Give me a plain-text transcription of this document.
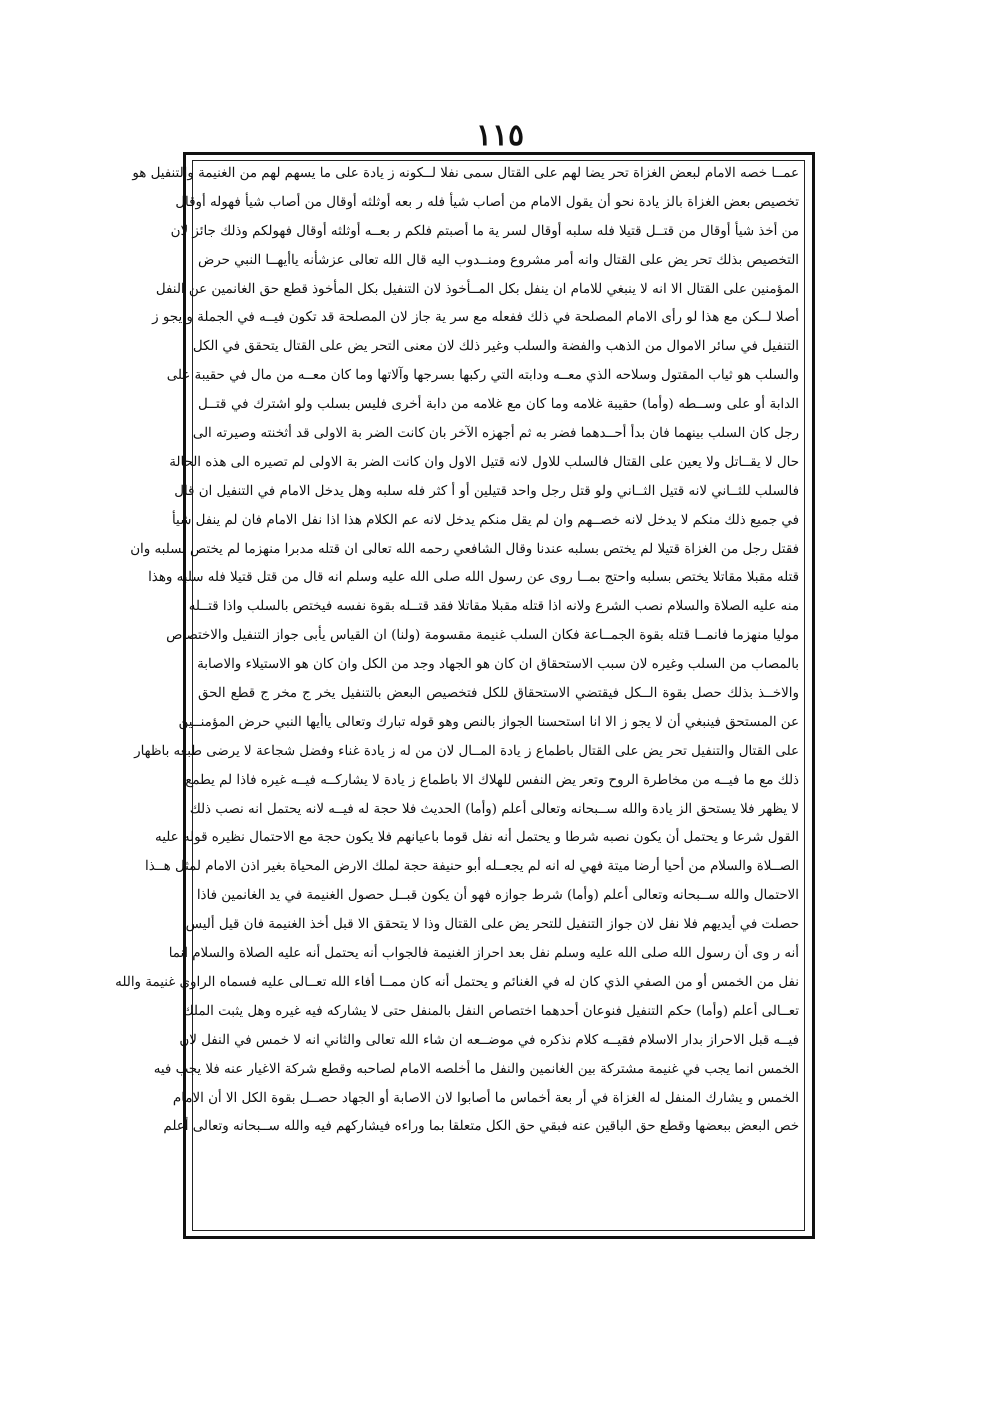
١١٥
عمــا خصه الامام لبعض الغزاة تحر يضا لهم على القتال سمى نفلا لــكونه ز يادة على ما يسهم لهم من الغنيمة والتنفيل هو
تخصيص بعض الغزاة بالز يادة نحو أن يقول الامام من أصاب شيأ فله ر بعه أوثلثه أوقال من أصاب شيأ فهوله أوقال
من أخذ شيأ أوقال من قتــل قتيلا فله سلبه أوقال لسر ية ما أصبتم فلكم ر بعــه أوثلثه أوقال فهولكم وذلك جائز لان
التخصيص بذلك تحر يض على القتال وانه أمر مشروع ومنــدوب اليه قال الله تعالى عزشأنه ياأيهــا النبي حرض
المؤمنين على القتال الا انه لا ينبغي للامام ان ينفل بكل المــأخوذ لان التنفيل بكل المأخوذ قطع حق الغانمين عن النفل
أصلا لــكن مع هذا لو رأى الامام المصلحة في ذلك ففعله مع سر ية جاز لان المصلحة قد تكون فيــه في الجملة و يجو ز
التنفيل في سائر الاموال من الذهب والفضة والسلب وغير ذلك لان معنى التحر يض على القتال يتحقق في الكل
والسلب هو ثياب المقتول وسلاحه الذي معــه ودابته التي ركبها بسرجها وآلاتها وما كان معــه من مال في حقيبة على
الدابة أو على وســطه (وأما) حقيبة غلامه وما كان مع غلامه من دابة أخرى فليس بسلب ولو اشترك في قتــل
رجل كان السلب بينهما فان بدأ أحــدهما فضر به ثم أجهزه الآخر بان كانت الضر بة الاولى قد أثخنته وصيرته الى
حال لا يقــاتل ولا يعين على القتال فالسلب للاول لانه قتيل الاول وان كانت الضر بة الاولى لم تصيره الى هذه الحالة
فالسلب للثــاني لانه قتيل الثــاني ولو قتل رجل واحد قتيلين أو أ كثر فله سلبه وهل يدخل الامام في التنفيل ان قال
في جميع ذلك منكم لا يدخل لانه خصــهم وان لم يقل منكم يدخل لانه عم الكلام هذا اذا نفل الامام فان لم ينفل شيأ
فقتل رجل من الغزاة قتيلا لم يختص بسلبه عندنا وقال الشافعي رحمه الله تعالى ان قتله مدبرا منهزما لم يختص بسلبه وان
قتله مقبلا مقاتلا يختص بسلبه واحتج بمــا روى عن رسول الله صلى الله عليه وسلم انه قال من قتل قتيلا فله سلبه وهذا
منه عليه الصلاة والسلام نصب الشرع ولانه اذا قتله مقبلا مقاتلا فقد قتــله بقوة نفسه فيختص بالسلب واذا قتــله
موليا منهزما فانمــا قتله بقوة الجمــاعة فكان السلب غنيمة مقسومة (ولنا) ان القياس يأبى جواز التنفيل والاختصاص
بالمصاب من السلب وغيره لان سبب الاستحقاق ان كان هو الجهاد وجد من الكل وان كان هو الاستيلاء والاصابة
والاخــذ بذلك حصل بقوة الــكل فيقتضي الاستحقاق للكل فتخصيص البعض بالتنفيل يخر ج مخر ج قطع الحق
عن المستحق فينبغي أن لا يجو ز الا انا استحسنا الجواز بالنص وهو قوله تبارك وتعالى ياأيها النبي حرض المؤمنــين
على القتال والتنفيل تحر يض على القتال باطماع ز يادة المــال لان من له ز يادة غناء وفضل شجاعة لا يرضى طبعه باظهار
ذلك مع ما فيــه من مخاطرة الروح وتعر يض النفس للهلاك الا باطماع ز يادة لا يشاركــه فيــه غيره فاذا لم يطمع
لا يظهر فلا يستحق الز يادة والله ســبحانه وتعالى أعلم (وأما) الحديث فلا حجة له فيــه لانه يحتمل انه نصب ذلك
القول شرعا و يحتمل أن يكون نصبه شرطا و يحتمل أنه نفل قوما باعيانهم فلا يكون حجة مع الاحتمال نظيره قوله عليه
الصــلاة والسلام من أحيا أرضا ميتة فهي له انه لم يجعــله أبو حنيفة حجة لملك الارض المحياة بغير اذن الامام لمثل هــذا
الاحتمال والله ســبحانه وتعالى أعلم (وأما) شرط جوازه فهو أن يكون قبــل حصول الغنيمة في يد الغانمين فاذا
حصلت في أيديهم فلا نفل لان جواز التنفيل للتحر يض على القتال وذا لا يتحقق الا قبل أخذ الغنيمة فان قيل أليس
أنه ر وى أن رسول الله صلى الله عليه وسلم نفل بعد احراز الغنيمة فالجواب أنه يحتمل أنه عليه الصلاة والسلام انما
نفل من الخمس أو من الصفي الذي كان له في الغنائم و يحتمل أنه كان ممــا أفاء الله تعــالى عليه فسماه الراوي غنيمة والله
تعــالى أعلم (وأما) حكم التنفيل فنوعان أحدهما اختصاص النفل بالمنفل حتى لا يشاركه فيه غيره وهل يثبت الملك
فيــه قبل الاحراز بدار الاسلام فقيــه كلام نذكره في موضــعه ان شاء الله تعالى والثاني انه لا خمس في النفل لان
الخمس انما يجب في غنيمة مشتركة بين الغانمين والنفل ما أخلصه الامام لصاحبه وقطع شركة الاغيار عنه فلا يجب فيه
الخمس و يشارك المنفل له الغزاة في أر بعة أخماس ما أصابوا لان الاصابة أو الجهاد حصــل بقوة الكل الا أن الامام
خص البعض ببعضها وقطع حق الباقين عنه فبقي حق الكل متعلقا بما وراءه فيشاركهم فيه والله ســبحانه وتعالى أعلم
